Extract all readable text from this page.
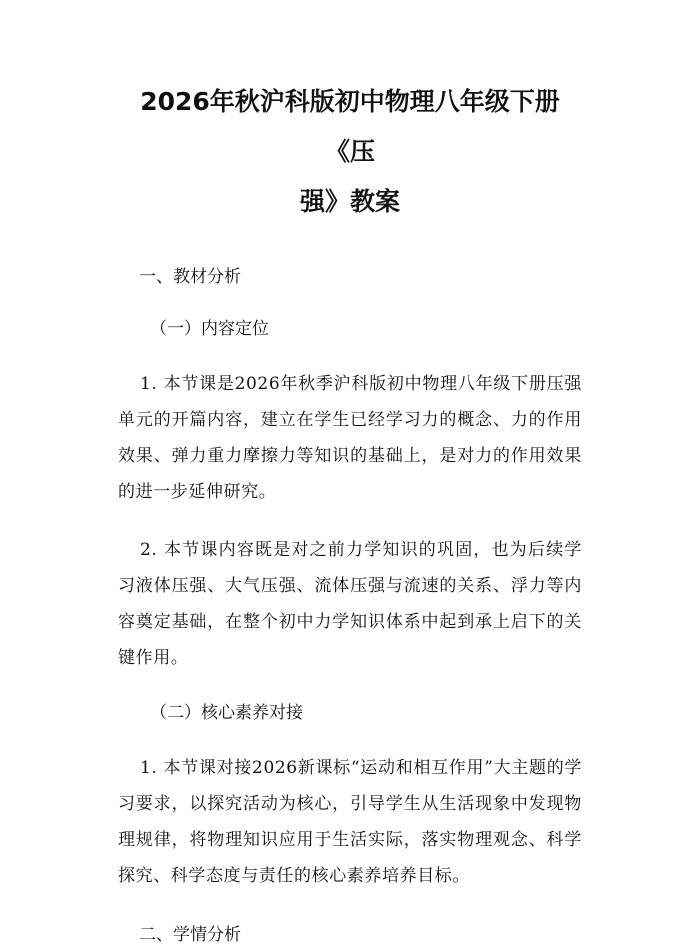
2026年秋沪科版初中物理八年级下册《压
强》教案

一、教材分析

（一）内容定位

1. 本节课是2026年秋季沪科版初中物理八年级下册压强单元的开篇内容，建立在学生已经学习力的概念、力的作用效果、弹力重力摩擦力等知识的基础上，是对力的作用效果的进一步延伸研究。

2. 本节课内容既是对之前力学知识的巩固，也为后续学习液体压强、大气压强、流体压强与流速的关系、浮力等内容奠定基础，在整个初中力学知识体系中起到承上启下的关键作用。

（二）核心素养对接

1. 本节课对接2026新课标“运动和相互作用”大主题的学习要求，以探究活动为核心，引导学生从生活现象中发现物理规律，将物理知识应用于生活实际，落实物理观念、科学探究、科学态度与责任的核心素养培养目标。

二、学情分析
